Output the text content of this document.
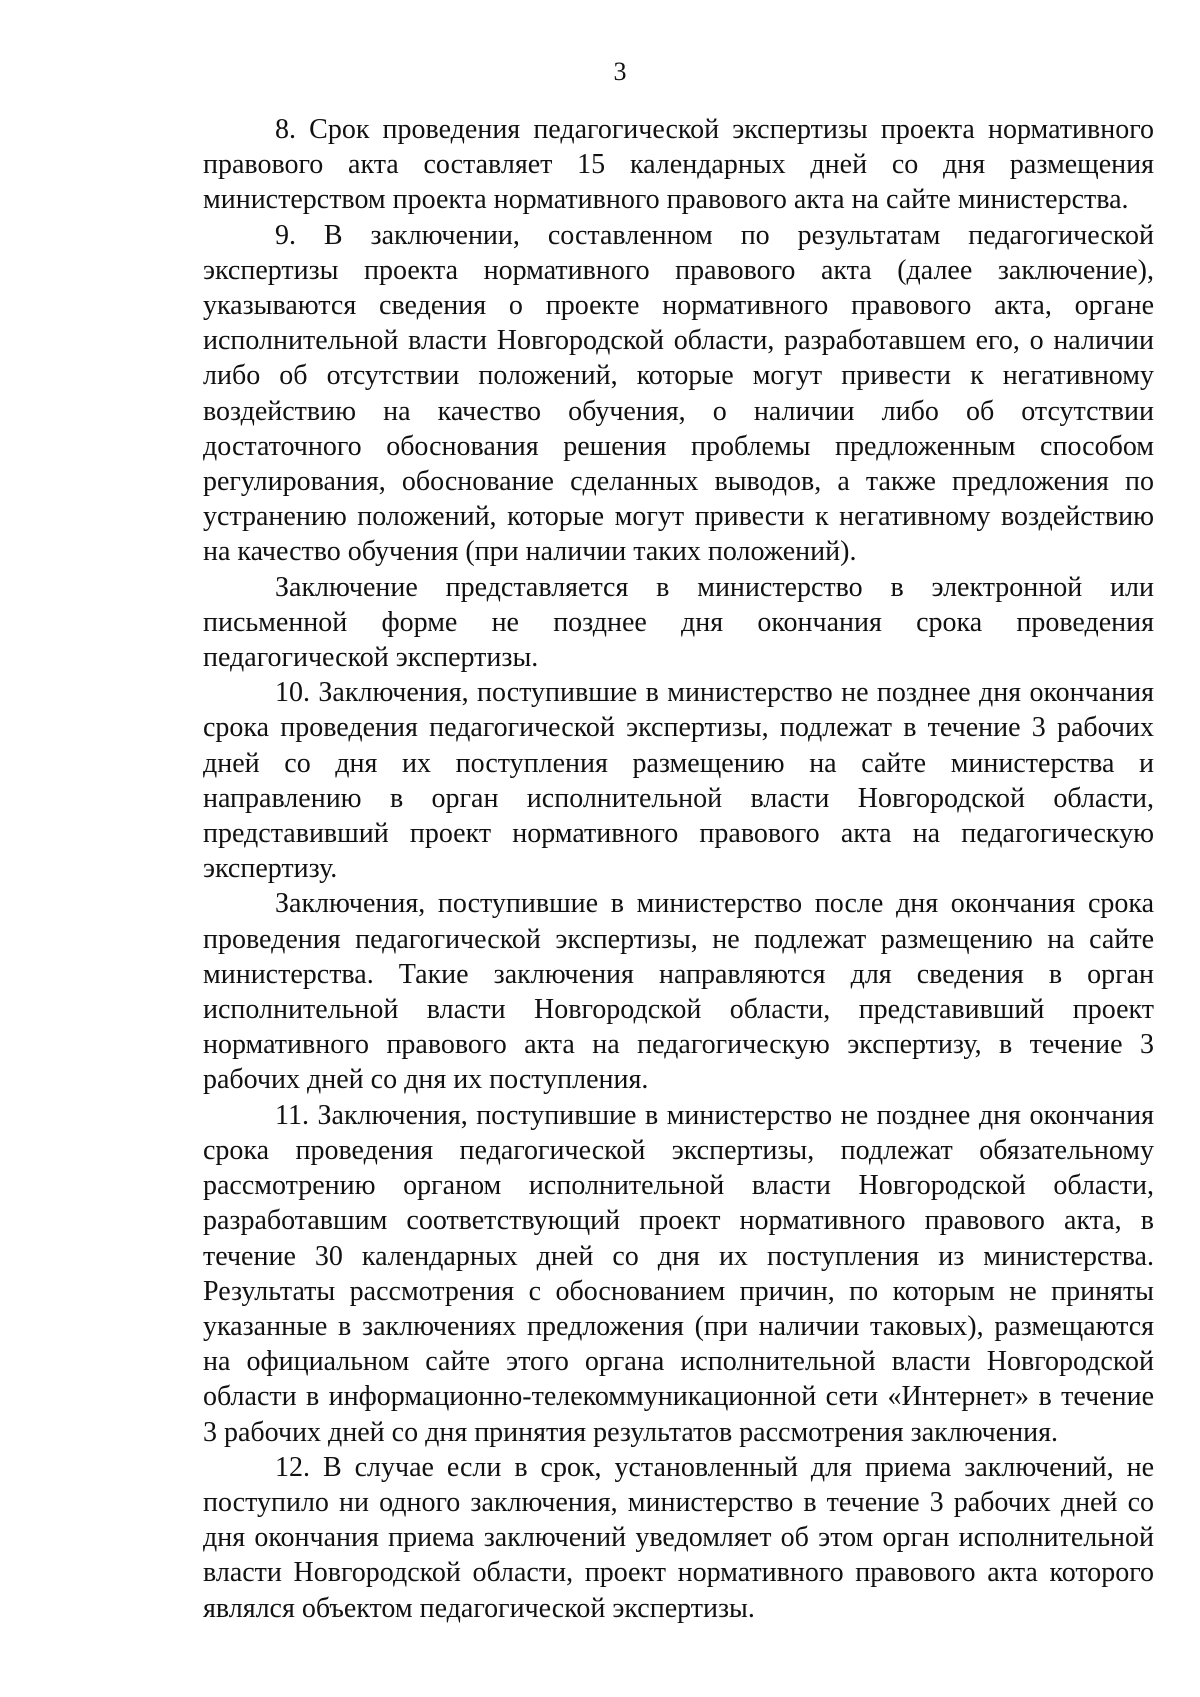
3

8. Срок проведения педагогической экспертизы проекта нормативного правового акта составляет 15 календарных дней со дня размещения министерством проекта нормативного правового акта на сайте министерства.

9. В заключении, составленном по результатам педагогической экспертизы проекта нормативного правового акта (далее заключение), указываются сведения о проекте нормативного правового акта, органе исполнительной власти Новгородской области, разработавшем его, о наличии либо об отсутствии положений, которые могут привести к негативному воздействию на качество обучения, о наличии либо об отсутствии достаточного обоснования решения проблемы предложенным способом регулирования, обоснование сделанных выводов, а также предложения по устранению положений, которые могут привести к негативному воздействию на качество обучения (при наличии таких положений).

Заключение представляется в министерство в электронной или письменной форме не позднее дня окончания срока проведения педагогической экспертизы.

10. Заключения, поступившие в министерство не позднее дня окончания срока проведения педагогической экспертизы, подлежат в течение 3 рабочих дней со дня их поступления размещению на сайте министерства и направлению в орган исполнительной власти Новгородской области, представивший проект нормативного правового акта на педагогическую экспертизу.

Заключения, поступившие в министерство после дня окончания срока проведения педагогической экспертизы, не подлежат размещению на сайте министерства. Такие заключения направляются для сведения в орган исполнительной власти Новгородской области, представивший проект нормативного правового акта на педагогическую экспертизу, в течение 3 рабочих дней со дня их поступления.

11. Заключения, поступившие в министерство не позднее дня окончания срока проведения педагогической экспертизы, подлежат обязательному рассмотрению органом исполнительной власти Новгородской области, разработавшим соответствующий проект нормативного правового акта, в течение 30 календарных дней со дня их поступления из министерства. Результаты рассмотрения с обоснованием причин, по которым не приняты указанные в заключениях предложения (при наличии таковых), размещаются на официальном сайте этого органа исполнительной власти Новгородской области в информационно-телекоммуникационной сети «Интернет» в течение 3 рабочих дней со дня принятия результатов рассмотрения заключения.

12. В случае если в срок, установленный для приема заключений, не поступило ни одного заключения, министерство в течение 3 рабочих дней со дня окончания приема заключений уведомляет об этом орган исполнительной власти Новгородской области, проект нормативного правового акта которого являлся объектом педагогической экспертизы.
